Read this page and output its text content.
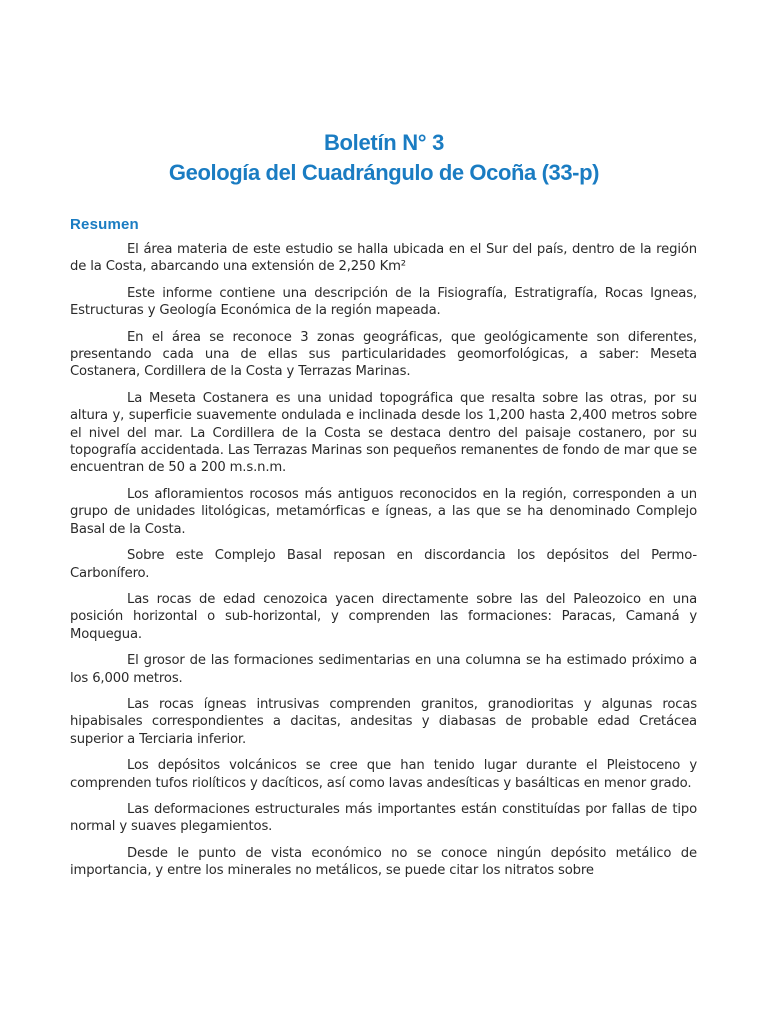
Boletín N° 3
Geología del Cuadrángulo de Ocoña (33-p)
Resumen

El área materia de este estudio se halla ubicada en el Sur del país, dentro de la región de la Costa, abarcando una extensión de 2,250 Km²

Este informe contiene una descripción de la Fisiografía, Estratigrafía, Rocas Igneas, Estructuras y Geología Económica de la región mapeada.

En el área se reconoce 3 zonas geográficas, que geológicamente son diferentes, presentando cada una de ellas sus particularidades geomorfológicas, a saber: Meseta Costanera, Cordillera de la Costa y Terrazas Marinas.

La Meseta Costanera es una unidad topográfica que resalta sobre las otras, por su altura y, superficie suavemente ondulada e inclinada desde los 1,200 hasta 2,400 metros sobre el nivel del mar. La Cordillera de la Costa se destaca dentro del paisaje costanero, por su topografía accidentada. Las Terrazas Marinas son pequeños remanentes de fondo de mar que se encuentran de 50 a 200 m.s.n.m.

Los afloramientos rocosos más antiguos reconocidos en la región, corresponden a un grupo de unidades litológicas, metamórficas e ígneas, a las que se ha denominado Complejo Basal de la Costa.

Sobre este Complejo Basal reposan en discordancia los depósitos del Permo-Carbonífero.

Las rocas de edad cenozoica yacen directamente sobre las del Paleozoico en una posición horizontal o sub-horizontal, y comprenden las formaciones: Paracas, Camaná y Moquegua.

El grosor de las formaciones sedimentarias en una columna se ha estimado próximo a los 6,000 metros.

Las rocas ígneas intrusivas comprenden granitos, granodioritas y algunas rocas hipabisales correspondientes a dacitas, andesitas y diabasas de probable edad Cretácea superior a Terciaria inferior.

Los depósitos volcánicos se cree que han tenido lugar durante el Pleistoceno y comprenden tufos riolíticos y dacíticos, así como lavas andesíticas y basálticas en menor grado.

Las deformaciones estructurales más importantes están constituídas por fallas de tipo normal y suaves plegamientos.

Desde le punto de vista económico no se conoce ningún depósito metálico de importancia, y entre los minerales no metálicos, se puede citar los nitratos sobre
